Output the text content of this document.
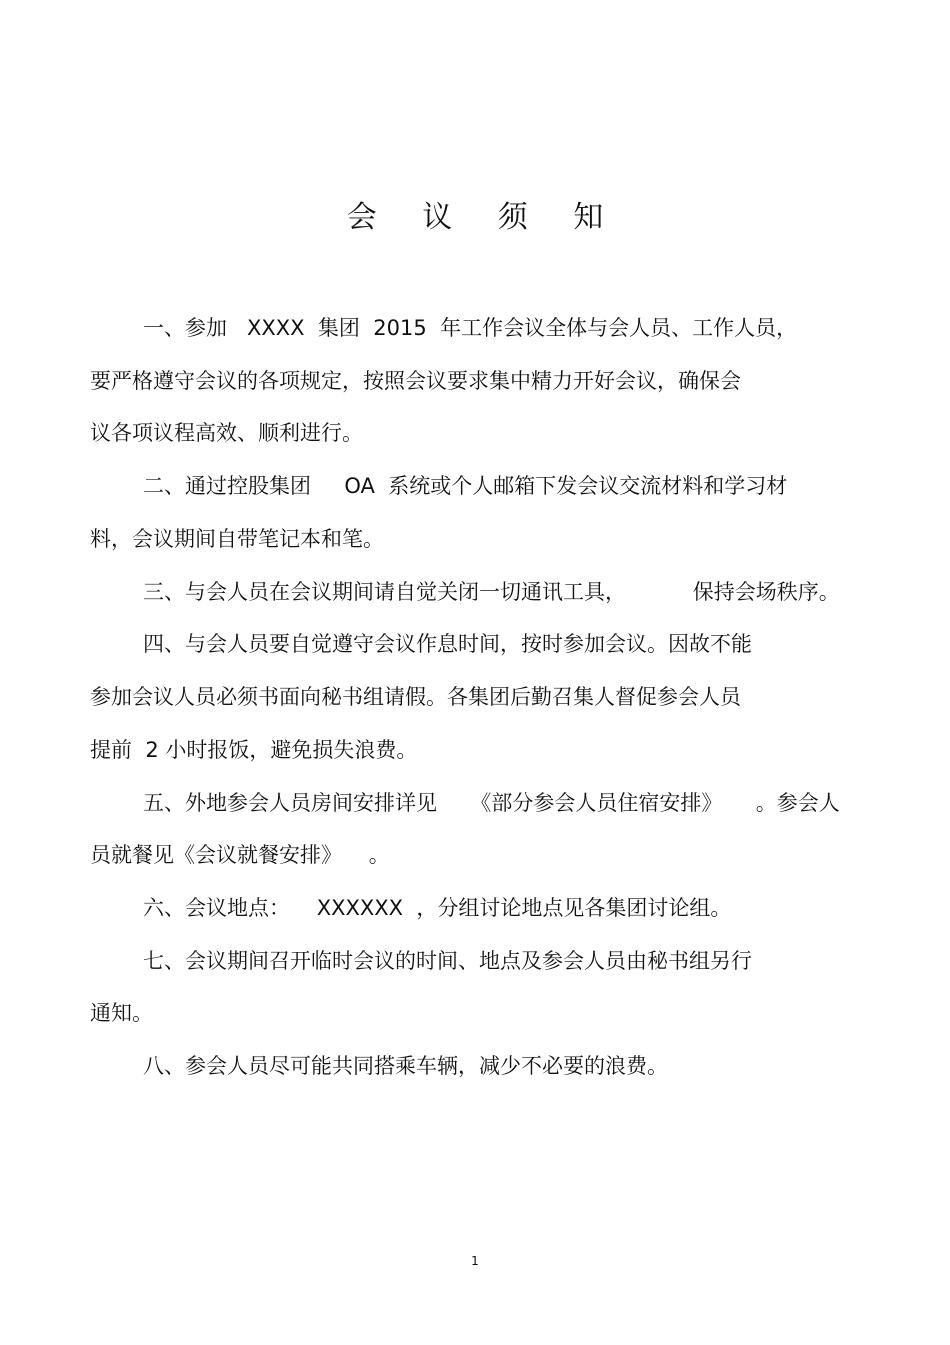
会 议 须 知
一、参加   XXXX  集团  2015  年工作会议全体与会人员、工作人员，
要严格遵守会议的各项规定，按照会议要求集中精力开好会议，确保会
议各项议程高效、顺利进行。
二、通过控股集团     OA  系统或个人邮箱下发会议交流材料和学习材
料，会议期间自带笔记本和笔。
三、与会人员在会议期间请自觉关闭一切通讯工具，          保持会场秩序。
四、与会人员要自觉遵守会议作息时间，按时参加会议。因故不能
参加会议人员必须书面向秘书组请假。各集团后勤召集人督促参会人员
提前  2 小时报饭，避免损失浪费。
五、外地参会人员房间安排详见     《部分参会人员住宿安排》     。参会人
员就餐见《会议就餐安排》    。
六、会议地点：    XXXXXX  ，分组讨论地点见各集团讨论组。
七、会议期间召开临时会议的时间、地点及参会人员由秘书组另行
通知。
八、参会人员尽可能共同搭乘车辆，减少不必要的浪费。
1
